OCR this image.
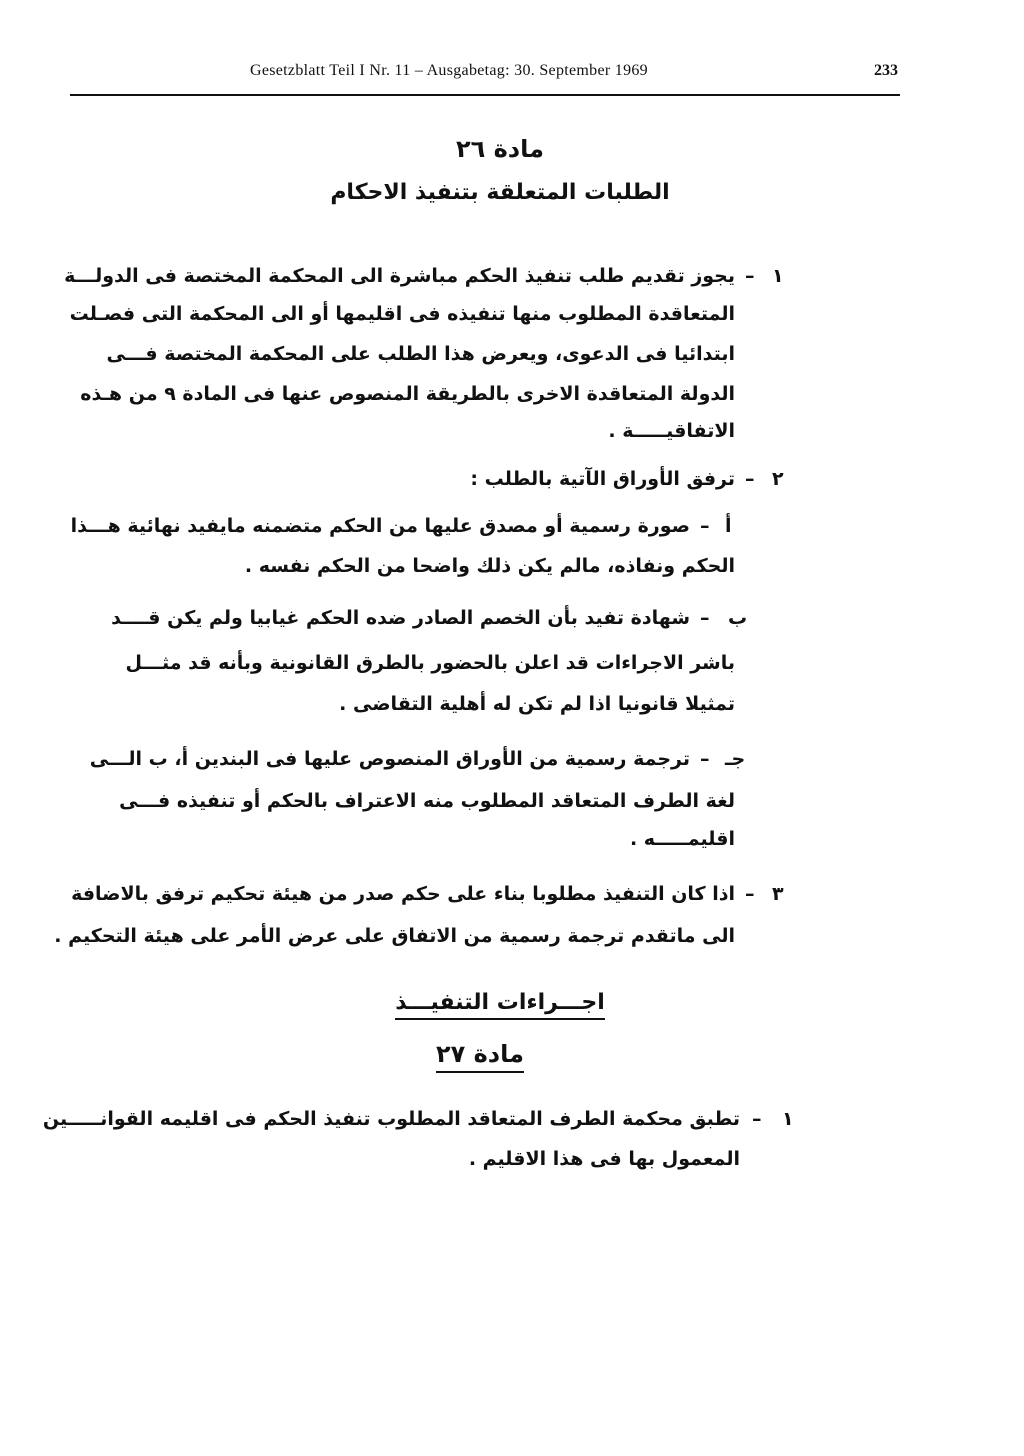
Gesetzblatt Teil I Nr. 11 – Ausgabetag: 30. September 1969	233
مادة ٢٦
الطلبات المتعلقة بتنفيذ الاحكام
١
–
يجوز تقديم طلب تنفيذ الحكم مباشرة الى المحكمة المختصة فى الدولـــة
المتعاقدة المطلوب منها تنفيذه فى اقليمها أو الى المحكمة التى فصـلت
ابتدائيا فى الدعوى، ويعرض هذا الطلب على المحكمة المختصة فـــى
الدولة المتعاقدة الاخرى بالطريقة المنصوص عنها فى المادة ٩ من هـذه
الاتفاقيـــــة .
٢
–
ترفق الأوراق الآتية بالطلب :
أ
–
صورة رسمية أو مصدق عليها من الحكم متضمنه مايفيد نهائية هـــذا
الحكم ونفاذه، مالم يكن ذلك واضحا من الحكم نفسه .
ب
–
شهادة تفيد بأن الخصم الصادر ضده الحكم غيابيا ولم يكن قــــد
باشر الاجراءات قد اعلن بالحضور بالطرق القانونية وبأنه قد مثـــل
تمثيلا قانونيا اذا لم تكن له أهلية التقاضى .
جـ
–
ترجمة رسمية من الأوراق المنصوص عليها فى البندين أ، ب الـــى
لغة الطرف المتعاقد المطلوب منه الاعتراف بالحكم أو تنفيذه فـــى
اقليمـــــه .
٣
–
اذا كان التنفيذ مطلوبا بناء على حكم صدر من هيئة تحكيم ترفق بالاضافة
الى ماتقدم ترجمة رسمية من الاتفاق على عرض الأمر على هيئة التحكيم .
اجـــراءات التنفيـــذ
مادة ٢٧
١
–
تطبق محكمة الطرف المتعاقد المطلوب تنفيذ الحكم فى اقليمه القوانـــــين
المعمول بها فى هذا الاقليم .
